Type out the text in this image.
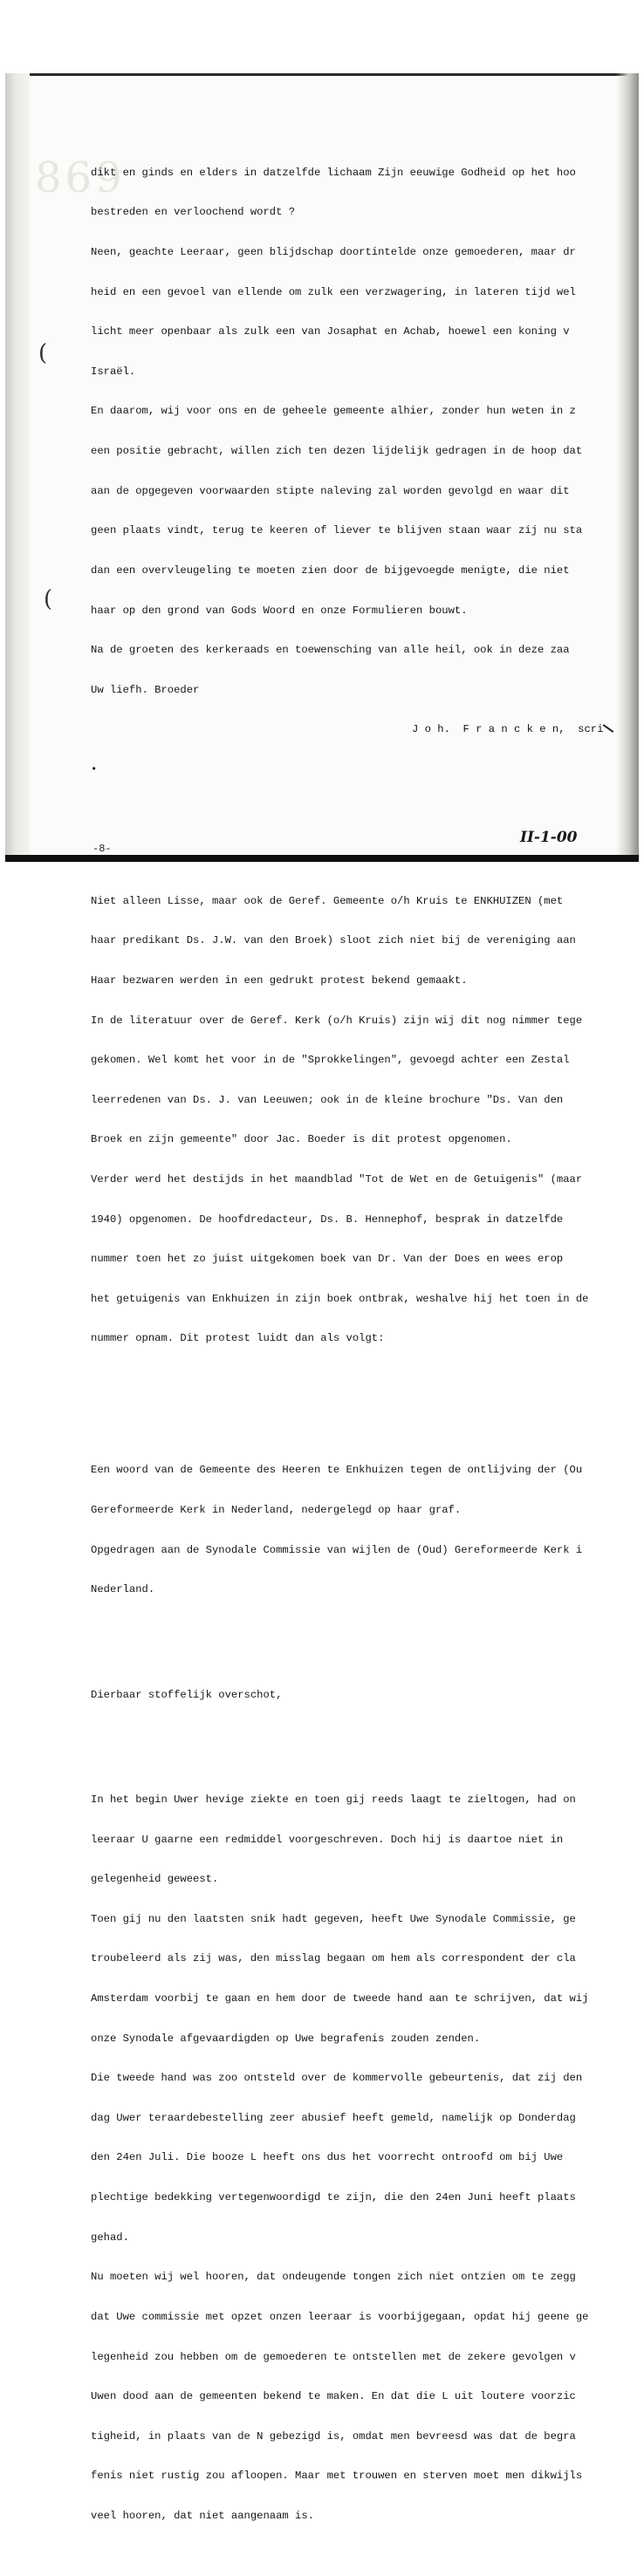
869
(
(

dikt en ginds en elders in datzelfde lichaam Zijn eeuwige Godheid op het hoo

bestreden en verloochend wordt ?

Neen, geachte Leeraar, geen blijdschap doortintelde onze gemoederen, maar dr

heid en een gevoel van ellende om zulk een verzwagering, in lateren tijd wel

licht meer openbaar als zulk een van Josaphat en Achab, hoewel een koning v

Israël.

En daarom, wij voor ons en de geheele gemeente alhier, zonder hun weten in z

een positie gebracht, willen zich ten dezen lijdelijk gedragen in de hoop dat

aan de opgegeven voorwaarden stipte naleving zal worden gevolgd en waar dit

geen plaats vindt, terug te keeren of liever te blijven staan waar zij nu sta

dan een overvleugeling te moeten zien door de bijgevoegde menigte, die niet

haar op den grond van Gods Woord en onze Formulieren bouwt.

Na de groeten des kerkeraads en toewensching van alle heil, ook in deze zaa

Uw liefh. Broeder

J o h.  F r a n c k e n,  scri

•

Niet alleen Lisse, maar ook de Geref. Gemeente o/h Kruis te ENKHUIZEN (met

haar predikant Ds. J.W. van den Broek) sloot zich niet bij de vereniging aan

Haar bezwaren werden in een gedrukt protest bekend gemaakt.

In de literatuur over de Geref. Kerk (o/h Kruis) zijn wij dit nog nimmer tege

gekomen. Wel komt het voor in de "Sprokkelingen", gevoegd achter een Zestal

leerredenen van Ds. J. van Leeuwen; ook in de kleine brochure "Ds. Van den

Broek en zijn gemeente" door Jac. Boeder is dit protest opgenomen.

Verder werd het destijds in het maandblad "Tot de Wet en de Getuigenis" (maar

1940) opgenomen. De hoofdredacteur, Ds. B. Hennephof, besprak in datzelfde

nummer toen het zo juist uitgekomen boek van Dr. Van der Does en wees erop

het getuigenis van Enkhuizen in zijn boek ontbrak, weshalve hij het toen in de

nummer opnam. Dit protest luidt dan als volgt:

Een woord van de Gemeente des Heeren te Enkhuizen tegen de ontlijving der (Ou

Gereformeerde Kerk in Nederland, nedergelegd op haar graf.

Opgedragen aan de Synodale Commissie van wijlen de (Oud) Gereformeerde Kerk i

Nederland.

Dierbaar stoffelijk overschot,

In het begin Uwer hevige ziekte en toen gij reeds laagt te zieltogen, had on

leeraar U gaarne een redmiddel voorgeschreven. Doch hij is daartoe niet in

gelegenheid geweest.

Toen gij nu den laatsten snik hadt gegeven, heeft Uwe Synodale Commissie, ge

troubeleerd als zij was, den misslag begaan om hem als correspondent der cla

Amsterdam voorbij te gaan en hem door de tweede hand aan te schrijven, dat wij

onze Synodale afgevaardigden op Uwe begrafenis zouden zenden.

Die tweede hand was zoo ontsteld over de kommervolle gebeurtenis, dat zij den

dag Uwer teraardebestelling zeer abusief heeft gemeld, namelijk op Donderdag

den 24en Juli. Die booze L heeft ons dus het voorrecht ontroofd om bij Uwe

plechtige bedekking vertegenwoordigd te zijn, die den 24en Juni heeft plaats

gehad.

Nu moeten wij wel hooren, dat ondeugende tongen zich niet ontzien om te zegg

dat Uwe commissie met opzet onzen leeraar is voorbijgegaan, opdat hij geene ge

legenheid zou hebben om de gemoederen te ontstellen met de zekere gevolgen v

Uwen dood aan de gemeenten bekend te maken. En dat die L uit loutere voorzic

tigheid, in plaats van de N gebezigd is, omdat men bevreesd was dat de begra

fenis niet rustig zou afloopen. Maar met trouwen en sterven moet men dikwijls

veel hooren, dat niet aangenaam is.

-8-
II-1-00
